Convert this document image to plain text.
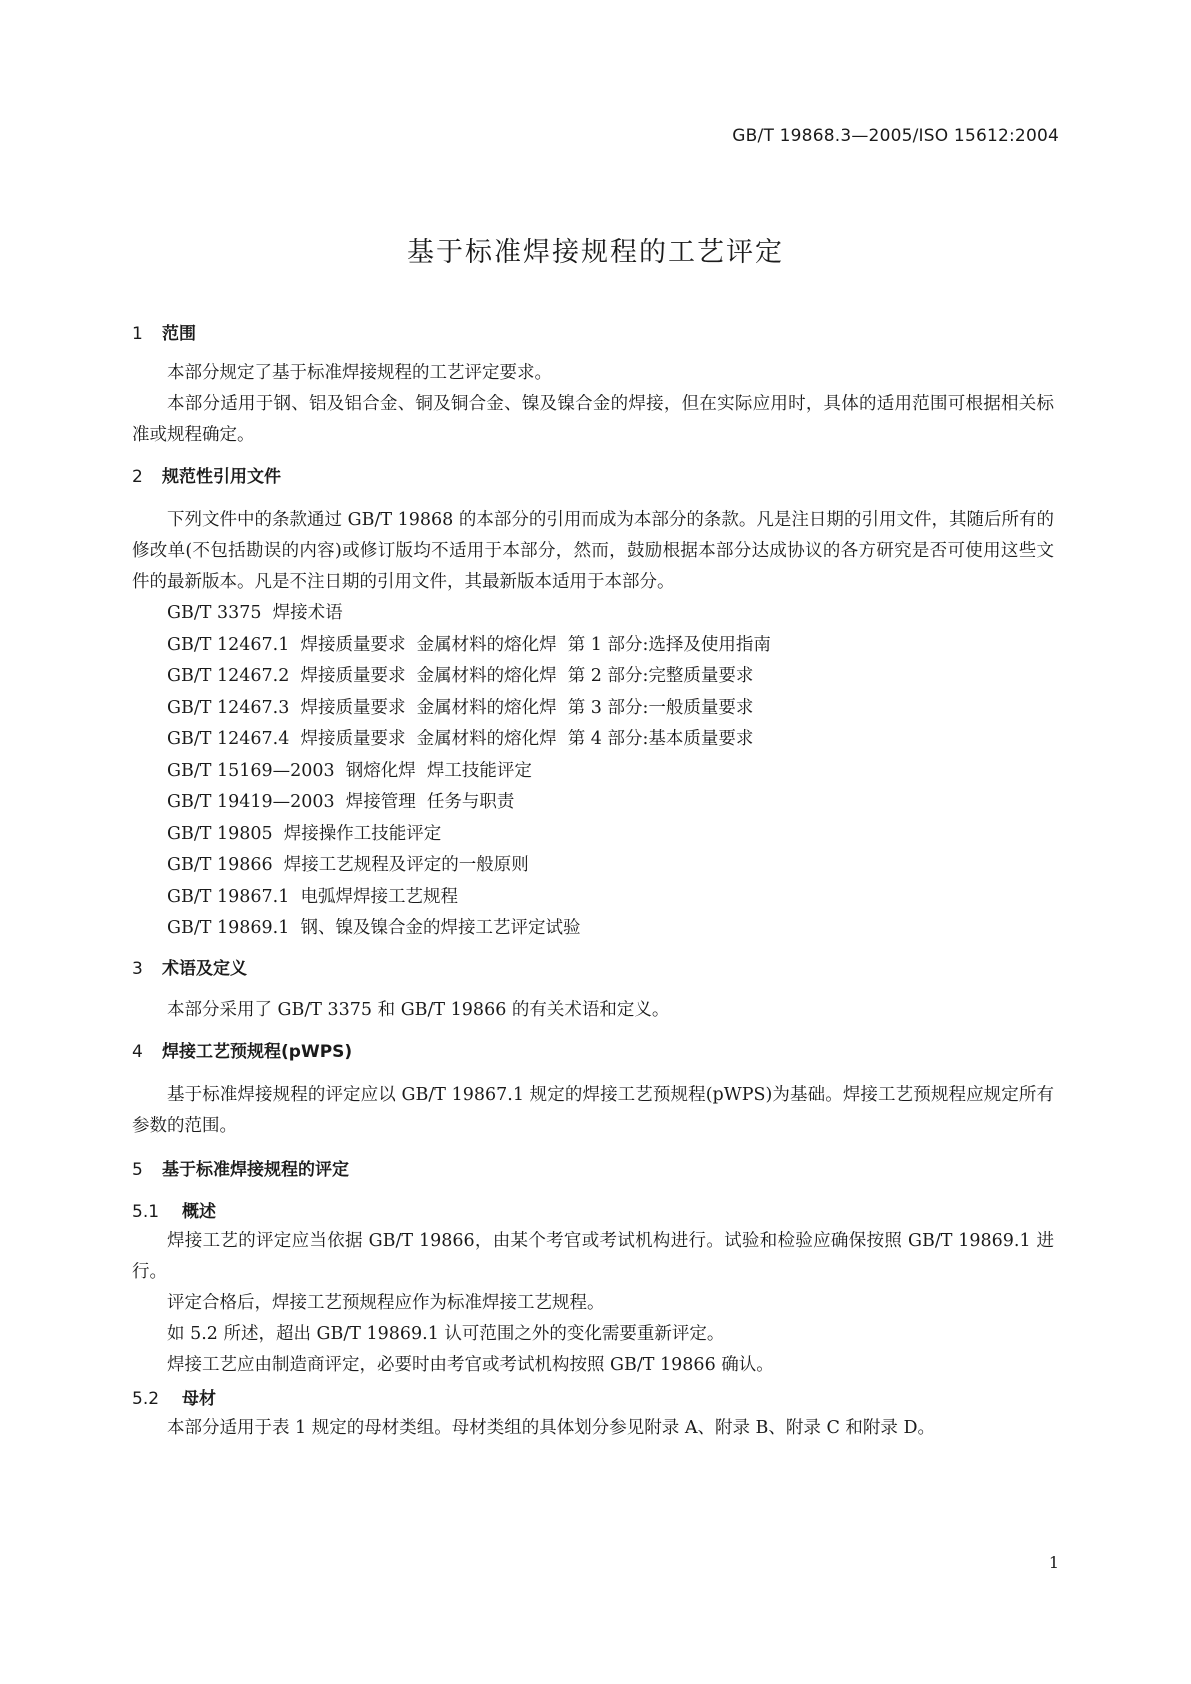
GB/T 19868.3—2005/ISO 15612:2004
基于标准焊接规程的工艺评定
1 范围

本部分规定了基于标准焊接规程的工艺评定要求。

本部分适用于钢、铝及铝合金、铜及铜合金、镍及镍合金的焊接，但在实际应用时，具体的适用范围可根据相关标准或规程确定。

2 规范性引用文件

下列文件中的条款通过 GB/T 19868 的本部分的引用而成为本部分的条款。凡是注日期的引用文件，其随后所有的修改单(不包括勘误的内容)或修订版均不适用于本部分，然而，鼓励根据本部分达成协议的各方研究是否可使用这些文件的最新版本。凡是不注日期的引用文件，其最新版本适用于本部分。

GB/T 3375  焊接术语
GB/T 12467.1  焊接质量要求  金属材料的熔化焊  第 1 部分:选择及使用指南
GB/T 12467.2  焊接质量要求  金属材料的熔化焊  第 2 部分:完整质量要求
GB/T 12467.3  焊接质量要求  金属材料的熔化焊  第 3 部分:一般质量要求
GB/T 12467.4  焊接质量要求  金属材料的熔化焊  第 4 部分:基本质量要求
GB/T 15169—2003  钢熔化焊  焊工技能评定
GB/T 19419—2003  焊接管理  任务与职责
GB/T 19805  焊接操作工技能评定
GB/T 19866  焊接工艺规程及评定的一般原则
GB/T 19867.1  电弧焊焊接工艺规程
GB/T 19869.1  钢、镍及镍合金的焊接工艺评定试验
3 术语及定义

本部分采用了 GB/T 3375 和 GB/T 19866 的有关术语和定义。

4 焊接工艺预规程(pWPS)

基于标准焊接规程的评定应以 GB/T 19867.1 规定的焊接工艺预规程(pWPS)为基础。焊接工艺预规程应规定所有参数的范围。

5 基于标准焊接规程的评定
5.1 概述

焊接工艺的评定应当依据 GB/T 19866，由某个考官或考试机构进行。试验和检验应确保按照 GB/T 19869.1 进行。

评定合格后，焊接工艺预规程应作为标准焊接工艺规程。

如 5.2 所述，超出 GB/T 19869.1 认可范围之外的变化需要重新评定。

焊接工艺应由制造商评定，必要时由考官或考试机构按照 GB/T 19866 确认。

5.2 母材

本部分适用于表 1 规定的母材类组。母材类组的具体划分参见附录 A、附录 B、附录 C 和附录 D。

1
